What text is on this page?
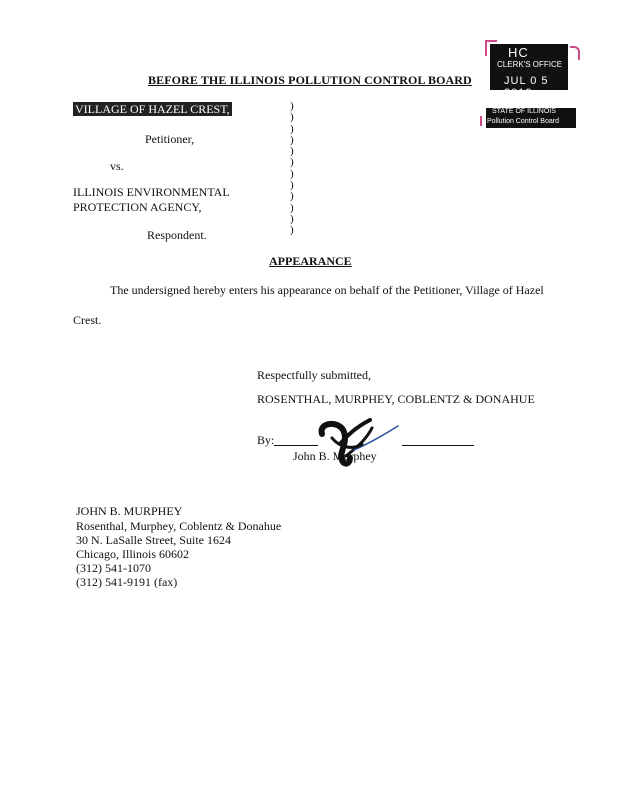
HC
CLERK'S OFFICE
JUL 0 5 2019
STATE OF ILLINOIS
Pollution Control Board
BEFORE THE ILLINOIS POLLUTION CONTROL BOARD
VILLAGE OF HAZEL CREST,
Petitioner,
vs.
ILLINOIS ENVIRONMENTAL
PROTECTION AGENCY,
Respondent.
)
)
)
)
)
)
)
)
)
)
)
)
APPEARANCE
The undersigned hereby enters his appearance on behalf of the Petitioner, Village of Hazel
Crest.
Respectfully submitted,
ROSENTHAL, MURPHEY, COBLENTZ & DONAHUE
By:
John B. Murphey
JOHN B. MURPHEY
Rosenthal, Murphey, Coblentz & Donahue
30 N. LaSalle Street, Suite 1624
Chicago, Illinois 60602
(312) 541-1070
(312) 541-9191 (fax)
